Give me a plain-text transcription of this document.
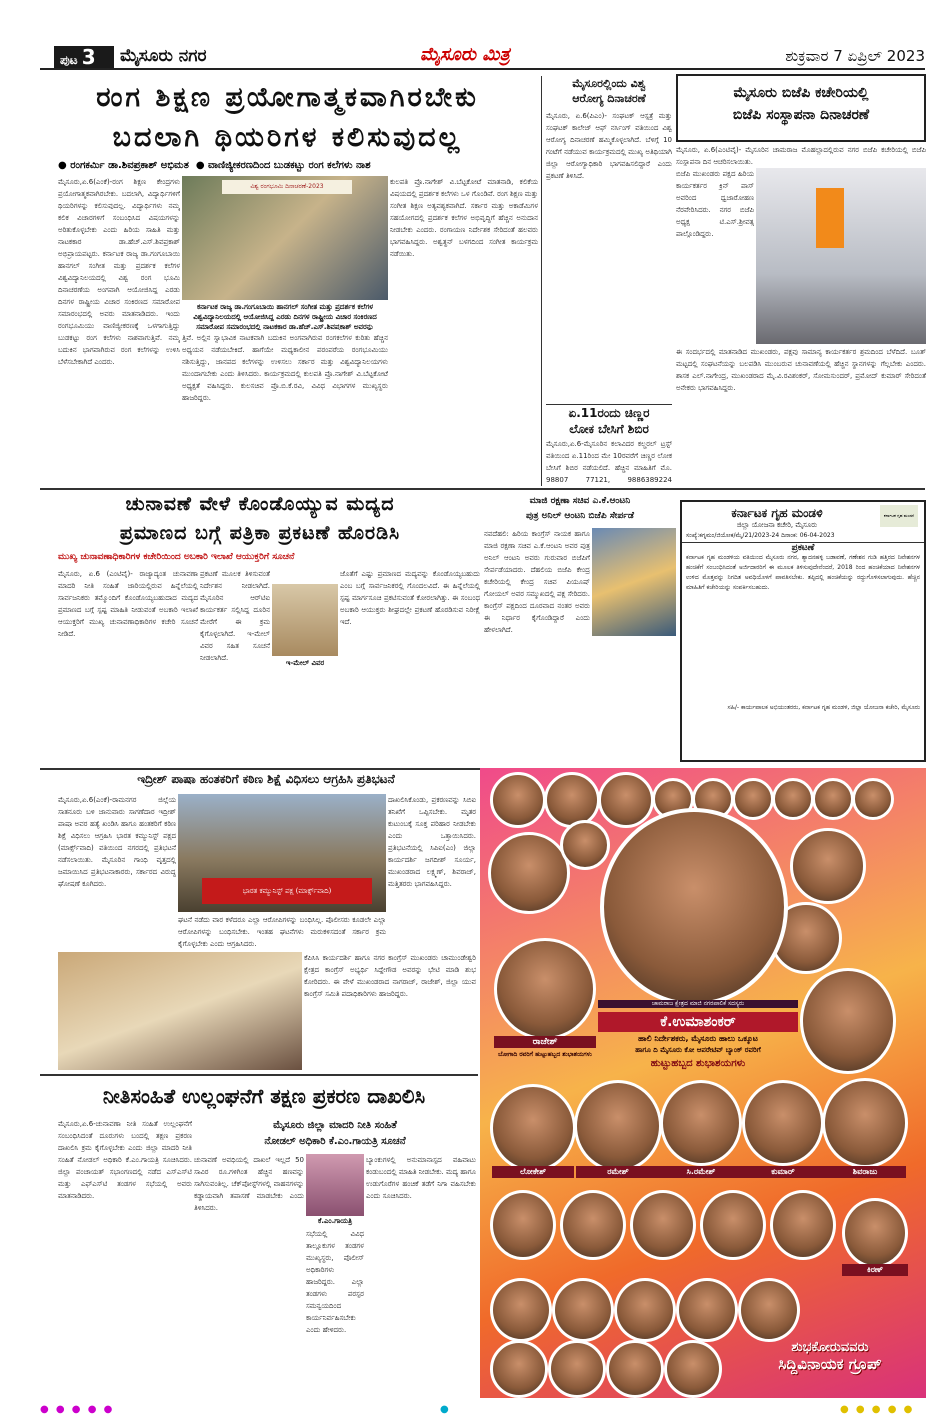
ಪುಟ 3	ಮೈಸೂರು ನಗರ	ಮೈಸೂರು ಮಿತ್ರ	ಶುಕ್ರವಾರ 7 ಏಪ್ರಿಲ್ 2023
ರಂಗ ಶಿಕ್ಷಣ ಪ್ರಯೋಗಾತ್ಮಕವಾಗಿರಬೇಕು
ಬದಲಾಗಿ ಥಿಯರಿಗಳ ಕಲಿಸುವುದಲ್ಲ
● ರಂಗಕರ್ಮಿ ಡಾ.ಶಿವಪ್ರಕಾಶ್ ಅಭಿಮತ  ● ವಾಣಿಜ್ಯೀಕರಣದಿಂದ ಬುಡಕಟ್ಟು ರಂಗ ಕಲೆಗಳು ನಾಶ
ಮೈಸೂರು,ಏ.6(ಎಂಕೆ)-ರಂಗ ಶಿಕ್ಷಣ ಕೇಂದ್ರಗಳು ಪ್ರಯೋಗಾತ್ಮಕವಾಗಿರಬೇಕು. ಬದಲಾಗಿ, ವಿದ್ಯಾರ್ಥಿಗಳಿಗೆ ಥಿಯರಿಗಳನ್ನು ಕಲಿಸುವುದಲ್ಲ. ವಿದ್ಯಾರ್ಥಿಗಳು ನಮ್ಮ ಕಲಿಕ ವಿಚಾರಗಳಿಗೆ ಸಂಬಂಧಿಸಿದ ವಿಷಯಗಳನ್ನು ಅರಿತುಕೊಳ್ಳಬೇಕು ಎಂದು ಹಿರಿಯ ಸಾಹಿತಿ ಮತ್ತು ನಾಟಕಕಾರ ಡಾ.ಹೆಚ್.ಎಸ್.ಶಿವಪ್ರಕಾಶ್ ಅಭಿಪ್ರಾಯಪಟ್ಟರು. ಕರ್ನಾಟಕ ರಾಜ್ಯ ಡಾ.ಗಂಗೂಬಾಯಿ ಹಾನಗಲ್ ಸಂಗೀತ ಮತ್ತು ಪ್ರದರ್ಶಕ ಕಲೆಗಳ ವಿಶ್ವವಿದ್ಯಾನಿಲಯದಲ್ಲಿ ವಿಶ್ವ ರಂಗ ಭೂಮಿ ದಿನಾಚರಣೆಯ ಅಂಗವಾಗಿ ಆಯೋಜಿಸಿದ್ದ ಎರಡು ದಿನಗಳ ರಾಷ್ಟ್ರೀಯ ವಿಚಾರ ಸಂಕಿರಣದ ಸಮಾರೋಪ ಸಮಾರಂಭದಲ್ಲಿ ಅವರು ಮಾತನಾಡಿದರು. ಇಂದು ರಂಗಭೂಮಿಯು ವಾಣಿಜ್ಯೀಕರಣಕ್ಕೆ ಒಳಗಾಗುತ್ತಿದ್ದು ಬುಡಕಟ್ಟು ರಂಗ ಕಲೆಗಳು ನಾಶವಾಗುತ್ತಿವೆ. ನಮ್ಮ ಬದುಕಿನ ಭಾಗವಾಗಿರುವ ರಂಗ ಕಲೆಗಳನ್ನು ಉಳಿಸಿ ಬೆಳೆಸಬೇಕಾಗಿದೆ ಎಂದರು.
ವಿಶ್ವ ರಂಗಭೂಮಿ ದಿನಾಚರಣೆ-2023
ಕರ್ನಾಟಕ ರಾಜ್ಯ ಡಾ.ಗಂಗೂಬಾಯಿ ಹಾನಗಲ್ ಸಂಗೀತ ಮತ್ತು ಪ್ರದರ್ಶಕ ಕಲೆಗಳ ವಿಶ್ವವಿದ್ಯಾನಿಲಯದಲ್ಲಿ ಆಯೋಜಿಸಿದ್ದ ಎರಡು ದಿನಗಳ ರಾಷ್ಟ್ರೀಯ ವಿಚಾರ ಸಂಕಿರಣದ ಸಮಾರೋಪ ಸಮಾರಂಭದಲ್ಲಿ ನಾಟಕಕಾರ ಡಾ.ಹೆಚ್.ಎಸ್.ಶಿವಪ್ರಕಾಶ್ ಅವರನ್ನು
ಕುಲಪತಿ ಪ್ರೊ.ನಾಗೇಶ್ ವಿ.ಬೆಟ್ಟಕೋಟೆ ಮಾತನಾಡಿ, ಕಲಿಕೆಯ ವಿಷಯದಲ್ಲಿ ಪ್ರದರ್ಶಕ ಕಲೆಗಳು ಒಳ ಗೊಂಡಿವೆ. ರಂಗ ಶಿಕ್ಷಣ ಮತ್ತು ಸಂಗೀತ ಶಿಕ್ಷಣ ಅತ್ಯವಶ್ಯಕವಾಗಿದೆ. ಸರ್ಕಾರ ಮತ್ತು ಅಕಾಡೆಮಿಗಳ ಸಹಯೋಗದಲ್ಲಿ ಪ್ರದರ್ಶಕ ಕಲೆಗಳ ಅಭಿವೃದ್ಧಿಗೆ ಹೆಚ್ಚಿನ ಅನುದಾನ ನೀಡಬೇಕು ಎಂದರು. ರಂಗಾಯಣ ನಿರ್ದೇಶಕ ಸೇರಿದಂತೆ ಹಲವರು ಭಾಗವಹಿಸಿದ್ದರು. ಅಶ್ವತ್ಥನ್ ಬಳಗದಿಂದ ಸಂಗೀತ ಕಾರ್ಯಕ್ರಮ ನಡೆಯಿತು.
ತ್ತಿವೆ. ಅಲ್ಲಿನ ಸ್ವಾಭಾವಿಕ ನಾಟಕವಾಗಿ ಬದುಕಿನ ಅಂಗವಾಗಿರುವ ರಂಗಕಲೆಗಳ ಕುರಿತು ಹೆಚ್ಚಿನ ಅಧ್ಯಯನ ನಡೆಯಬೇಕಿದೆ. ಹಾಗೆಯೇ ಮಧ್ಯಕಾಲೀನ ಪರಂಪರೆಯ ರಂಗಭೂಮಿಯು ನಶಿಸುತ್ತಿದ್ದು, ಜಾನಪದ ಕಲೆಗಳನ್ನು ಉಳಿಸಲು ಸರ್ಕಾರ ಮತ್ತು ವಿಶ್ವವಿದ್ಯಾನಿಲಯಗಳು ಮುಂದಾಗಬೇಕು ಎಂದು ತಿಳಿಸಿದರು. ಕಾರ್ಯಕ್ರಮದಲ್ಲಿ ಕುಲಪತಿ ಪ್ರೊ.ನಾಗೇಶ್ ವಿ.ಬೆಟ್ಟಕೋಟೆ ಅಧ್ಯಕ್ಷತೆ ವಹಿಸಿದ್ದರು. ಕುಲಸಚಿವ ಪ್ರೊ.ಬಿ.ಕೆ.ರವಿ, ವಿವಿಧ ವಿಭಾಗಗಳ ಮುಖ್ಯಸ್ಥರು ಹಾಜರಿದ್ದರು.
ಮೈಸೂರಲ್ಲಿಂದು ವಿಶ್ವ
ಆರೋಗ್ಯ ದಿನಾಚರಣೆ
ಮೈಸೂರು, ಏ.6(ಪಿಎಂ)- ಸಂಘಟಕ್ ಆಸ್ಪತ್ರೆ ಮತ್ತು ಸಂಘಟಕ್ ಕಾಲೇಜ್ ಆಫ್ ನರ್ಸಿಂಗ್ ವತಿಯಿಂದ ವಿಶ್ವ ಆರೋಗ್ಯ ದಿನಾಚರಣೆ ಹಮ್ಮಿಕೊಳ್ಳಲಾಗಿದೆ. ಬೆಳಿಗ್ಗೆ 10 ಗಂಟೆಗೆ ನಡೆಯುವ ಕಾರ್ಯಕ್ರಮದಲ್ಲಿ ಮುಖ್ಯ ಅತಿಥಿಯಾಗಿ ಜಿಲ್ಲಾ ಆರೋಗ್ಯಾಧಿಕಾರಿ ಭಾಗವಹಿಸಲಿದ್ದಾರೆ ಎಂದು ಪ್ರಕಟಣೆ ತಿಳಿಸಿದೆ.
ಏ.11ರಂದು ಚಿಣ್ಣರ
ಲೋಕ ಬೇಸಿಗೆ ಶಿಬಿರ
ಮೈಸೂರು,ಏ.6-ಮೈಸೂರಿನ ಕಲಾವಿದರ ಕಲ್ಚರಲ್ ಟ್ರಸ್ಟ್ ವತಿಯಿಂದ ಏ.11ರಿಂದ ಮೇ 10ರವರೆಗೆ ಚಿಣ್ಣರ ಲೋಕ ಬೇಸಿಗೆ ಶಿಬಿರ ನಡೆಯಲಿದೆ. ಹೆಚ್ಚಿನ ಮಾಹಿತಿಗೆ ಮೊ. 98807 77121, 9886389224
ಮೈಸೂರು ಬಿಜೆಪಿ ಕಚೇರಿಯಲ್ಲಿ
ಬಿಜೆಪಿ ಸಂಸ್ಥಾಪನಾ ದಿನಾಚರಣೆ
ಮೈಸೂರು, ಏ.6(ಎಂಟಿವೈ)- ಮೈಸೂರಿನ ಚಾಮರಾಜ ಮೊಹಲ್ಲಾದಲ್ಲಿರುವ ನಗರ ಬಿಜೆಪಿ ಕಚೇರಿಯಲ್ಲಿ ಬಿಜೆಪಿ ಸಂಸ್ಥಾಪನಾ ದಿನ ಆಚರಿಸಲಾಯಿತು.
ಬಿಜೆಪಿ ಮುಖಂಡರು ಪಕ್ಷದ ಹಿರಿಯ ಕಾರ್ಯಕರ್ತರ ಕ್ರಿನ್ ಪಾಸ್ ಅವರಿಂದ ಧ್ವಜಾರೋಹಣ ನೆರವೇರಿಸಿದರು. ನಗರ ಬಿಜೆಪಿ ಅಧ್ಯಕ್ಷ ಟಿ.ಎಸ್.ಶ್ರೀವತ್ಸ ಪಾಲ್ಗೊಂಡಿದ್ದರು.
ಈ ಸಂದರ್ಭದಲ್ಲಿ ಮಾತನಾಡಿದ ಮುಖಂಡರು, ಪಕ್ಷವು ಸಾಮಾನ್ಯ ಕಾರ್ಯಕರ್ತರ ಶ್ರಮದಿಂದ ಬೆಳೆದಿದೆ. ಬೂತ್ ಮಟ್ಟದಲ್ಲಿ ಸಂಘಟನೆಯನ್ನು ಬಲಪಡಿಸಿ ಮುಂಬರುವ ಚುನಾವಣೆಯಲ್ಲಿ ಹೆಚ್ಚಿನ ಸ್ಥಾನಗಳನ್ನು ಗೆಲ್ಲಬೇಕು ಎಂದರು. ಶಾಸಕ ಎಲ್.ನಾಗೇಂದ್ರ, ಮುಖಂಡರಾದ ಮೈ.ವಿ.ರವಿಶಂಕರ್, ಸೋಮಸುಂದರ್, ಪ್ರಮೋದ್ ಕುಮಾರ್ ಸೇರಿದಂತೆ ಅನೇಕರು ಭಾಗವಹಿಸಿದ್ದರು.
ಚುನಾವಣೆ ವೇಳೆ ಕೊಂಡೊಯ್ಯುವ ಮದ್ಯದ
ಪ್ರಮಾಣದ ಬಗ್ಗೆ ಪತ್ರಿಕಾ ಪ್ರಕಟಣೆ ಹೊರಡಿಸಿ
ಮುಖ್ಯ ಚುನಾವಣಾಧಿಕಾರಿಗಳ ಕಚೇರಿಯಿಂದ ಅಬಕಾರಿ ಇಲಾಖೆ ಆಯುಕ್ತರಿಗೆ ಸೂಚನೆ
ಮೈಸೂರು, ಏ.6 (ಎಂಟಿವೈ)- ರಾಜ್ಯಾದ್ಯಂತ ಚುನಾವಣಾ ಮಾದರಿ ನೀತಿ ಸಂಹಿತೆ ಜಾರಿಯಲ್ಲಿರುವ ಹಿನ್ನೆಲೆಯಲ್ಲಿ ಸಾರ್ವಜನಿಕರು ತಮ್ಮೊಂದಿಗೆ ಕೊಂಡೊಯ್ಯಬಹುದಾದ ಮದ್ಯದ ಪ್ರಮಾಣದ ಬಗ್ಗೆ ಸ್ಪಷ್ಟ ಮಾಹಿತಿ ನೀಡುವಂತೆ ಅಬಕಾರಿ ಇಲಾಖೆ ಆಯುಕ್ತರಿಗೆ ಮುಖ್ಯ ಚುನಾವಣಾಧಿಕಾರಿಗಳ ಕಚೇರಿ ಸೂಚನೆ ನೀಡಿದೆ.
ಪ್ರಕಟಣೆ ಮೂಲಕ ತಿಳಿಸುವಂತೆ ನಿರ್ದೇಶನ ನೀಡಲಾಗಿದೆ. ಮೈಸೂರಿನ ಆರ್‌ಟಿಐ ಕಾರ್ಯಕರ್ತ ಸಲ್ಲಿಸಿದ್ದ ದೂರಿನ ಮೇರೆಗೆ ಈ ಕ್ರಮ ಕೈಗೊಳ್ಳಲಾಗಿದೆ. ಇ-ಮೇಲ್ ವಿವರ ಸಹಿತ ಸೂಚನೆ ನೀಡಲಾಗಿದೆ.
ಇ-ಮೇಲ್ ವಿವರ
ಜೊತೆಗೆ ಎಷ್ಟು ಪ್ರಮಾಣದ ಮದ್ಯವನ್ನು ಕೊಂಡೊಯ್ಯಬಹುದು ಎಂಬ ಬಗ್ಗೆ ಸಾರ್ವಜನಿಕರಲ್ಲಿ ಗೊಂದಲವಿದೆ. ಈ ಹಿನ್ನೆಲೆಯಲ್ಲಿ ಸ್ಪಷ್ಟ ಮಾರ್ಗಸೂಚಿ ಪ್ರಕಟಿಸುವಂತೆ ಕೋರಲಾಗಿತ್ತು. ಈ ಸಂಬಂಧ ಅಬಕಾರಿ ಆಯುಕ್ತರು ಶೀಘ್ರದಲ್ಲೇ ಪ್ರಕಟಣೆ ಹೊರಡಿಸುವ ನಿರೀಕ್ಷೆ ಇದೆ.
ಮಾಜಿ ರಕ್ಷಣಾ ಸಚಿವ ಎ.ಕೆ.ಆಂಟನಿ
ಪುತ್ರ ಅನಿಲ್ ಆಂಟನಿ ಬಿಜೆಪಿ ಸೇರ್ಪಡೆ
ನವದೆಹಲಿ: ಹಿರಿಯ ಕಾಂಗ್ರೆಸ್ ನಾಯಕ ಹಾಗೂ ಮಾಜಿ ರಕ್ಷಣಾ ಸಚಿವ ಎ.ಕೆ.ಆಂಟನಿ ಅವರ ಪುತ್ರ ಅನಿಲ್ ಆಂಟನಿ ಅವರು ಗುರುವಾರ ಬಿಜೆಪಿಗೆ ಸೇರ್ಪಡೆಯಾದರು. ದೆಹಲಿಯ ಬಿಜೆಪಿ ಕೇಂದ್ರ ಕಚೇರಿಯಲ್ಲಿ ಕೇಂದ್ರ ಸಚಿವ ಪಿಯೂಷ್ ಗೋಯಲ್ ಅವರ ಸಮ್ಮುಖದಲ್ಲಿ ಪಕ್ಷ ಸೇರಿದರು. ಕಾಂಗ್ರೆಸ್ ಪಕ್ಷದಿಂದ ದೂರವಾದ ನಂತರ ಅವರು ಈ ನಿರ್ಧಾರ ಕೈಗೊಂಡಿದ್ದಾರೆ ಎಂದು ಹೇಳಲಾಗಿದೆ.
ಕರ್ನಾಟಕ ಗೃಹ ಮಂಡಳಿ	ಕರ್ನಾಟಕ ಗೃಹ ಮಂಡಳಿ
ಜಿಲ್ಲಾ ಯೋಜನಾ ಕಚೇರಿ, ಮೈಸೂರು
ಸಂಖ್ಯೆ:ಕಗೃಮಂ/ಜಿಯೋಕ/ಮೈ/21/2023-24 ದಿನಾಂಕ: 06-04-2023
ಪ್ರಕಟಣೆ
ಕರ್ನಾಟಕ ಗೃಹ ಮಂಡಳಿಯ ವತಿಯಿಂದ ಮೈಸೂರು ನಗರ, ಶ್ಯಾದನಹಳ್ಳಿ ಬಡಾವಣೆ, ಗಣೇಶನ ಗುಡಿ ಹತ್ತಿರದ ನಿವೇಶನಗಳ ಹಂಚಿಕೆಗೆ ಸಂಬಂಧಿಸಿದಂತೆ ಅರ್ಜಿದಾರರಿಗೆ ಈ ಮೂಲಕ ತಿಳಿಸುವುದೇನೆಂದರೆ, 2018 ರಿಂದ ಹಂಚಿಕೆಯಾದ ನಿವೇಶನಗಳ ಉಳಿದ ಮೊತ್ತವನ್ನು ನಿಗದಿತ ಅವಧಿಯೊಳಗೆ ಪಾವತಿಸಬೇಕು. ತಪ್ಪಿದಲ್ಲಿ ಹಂಚಿಕೆಯನ್ನು ರದ್ದುಗೊಳಿಸಲಾಗುವುದು. ಹೆಚ್ಚಿನ ಮಾಹಿತಿಗೆ ಕಚೇರಿಯನ್ನು ಸಂಪರ್ಕಿಸಬಹುದು.
ಸಹಿ/- ಕಾರ್ಯಪಾಲಕ ಅಭಿಯಂತರರು, ಕರ್ನಾಟಕ ಗೃಹ ಮಂಡಳಿ, ಜಿಲ್ಲಾ ಯೋಜನಾ ಕಚೇರಿ, ಮೈಸೂರು
ಇದ್ರೀಶ್ ಪಾಷಾ ಹಂತಕರಿಗೆ ಕಠಿಣ ಶಿಕ್ಷೆ ವಿಧಿಸಲು ಆಗ್ರಹಿಸಿ ಪ್ರತಿಭಟನೆ
ಮೈಸೂರು,ಏ.6(ಎಂಕೆ)-ರಾಮನಗರ ಜಿಲ್ಲೆಯ ಸಾತನೂರು ಬಳಿ ಜಾನುವಾರು ಸಾಗಣೆದಾರ ಇದ್ರೀಶ್ ಪಾಷಾ ಅವರ ಹತ್ಯೆ ಖಂಡಿಸಿ ಹಾಗೂ ಹಂತಕರಿಗೆ ಕಠಿಣ ಶಿಕ್ಷೆ ವಿಧಿಸಲು ಆಗ್ರಹಿಸಿ ಭಾರತ ಕಮ್ಯುನಿಸ್ಟ್ ಪಕ್ಷದ (ಮಾರ್ಕ್ಸ್‌ವಾದಿ) ವತಿಯಿಂದ ನಗರದಲ್ಲಿ ಪ್ರತಿಭಟನೆ ನಡೆಸಲಾಯಿತು. ಮೈಸೂರಿನ ಗಾಂಧಿ ವೃತ್ತದಲ್ಲಿ ಜಮಾಯಿಸಿದ ಪ್ರತಿಭಟನಾಕಾರರು, ಸರ್ಕಾರದ ವಿರುದ್ಧ ಘೋಷಣೆ ಕೂಗಿದರು.
ಭಾರತ ಕಮ್ಯುನಿಸ್ಟ್ ಪಕ್ಷ (ಮಾರ್ಕ್ಸ್‌ವಾದಿ)
ದಾಖಲಿಸಿಕೊಂಡು, ಪ್ರಕರಣವನ್ನು ಸಿಬಿಐ ತನಿಖೆಗೆ ಒಪ್ಪಿಸಬೇಕು. ಮೃತರ ಕುಟುಂಬಕ್ಕೆ ಸೂಕ್ತ ಪರಿಹಾರ ನೀಡಬೇಕು ಎಂದು ಒತ್ತಾಯಿಸಿದರು. ಪ್ರತಿಭಟನೆಯಲ್ಲಿ ಸಿಪಿಐ(ಎಂ) ಜಿಲ್ಲಾ ಕಾರ್ಯದರ್ಶಿ ಜಗದೀಶ್ ಸೂರ್ಯ, ಮುಖಂಡರಾದ ಲಕ್ಷ್ಮಣ್, ಶಿವರಾಜ್, ಮತ್ತಿತರರು ಭಾಗವಹಿಸಿದ್ದರು.
ಘಟನೆ ನಡೆದು ವಾರ ಕಳೆದರೂ ಎಲ್ಲಾ ಆರೋಪಿಗಳನ್ನು ಬಂಧಿಸಿಲ್ಲ. ಪೊಲೀಸರು ಕೂಡಲೇ ಎಲ್ಲಾ ಆರೋಪಿಗಳನ್ನು ಬಂಧಿಸಬೇಕು. ಇಂತಹ ಘಟನೆಗಳು ಮರುಕಳಿಸದಂತೆ ಸರ್ಕಾರ ಕ್ರಮ ಕೈಗೊಳ್ಳಬೇಕು ಎಂದು ಆಗ್ರಹಿಸಿದರು.
ಕೆಪಿಸಿಸಿ ಕಾರ್ಯದರ್ಶಿ ಹಾಗೂ ನಗರ ಕಾಂಗ್ರೆಸ್ ಮುಖಂಡರು ಚಾಮುಂಡೇಶ್ವರಿ ಕ್ಷೇತ್ರದ ಕಾಂಗ್ರೆಸ್ ಅಭ್ಯರ್ಥಿ ಸಿದ್ದೇಗೌಡ ಅವರನ್ನು ಭೇಟಿ ಮಾಡಿ ಶುಭ ಕೋರಿದರು. ಈ ವೇಳೆ ಮುಖಂಡರಾದ ನಾಗರಾಜ್, ರಾಜೇಶ್, ಜಿಲ್ಲಾ ಯುವ ಕಾಂಗ್ರೆಸ್ ಸಮಿತಿ ಪದಾಧಿಕಾರಿಗಳು ಹಾಜರಿದ್ದರು.
ನೀತಿಸಂಹಿತೆ ಉಲ್ಲಂಘನೆಗೆ ತಕ್ಷಣ ಪ್ರಕರಣ ದಾಖಲಿಸಿ
ಮೈಸೂರು,ಏ.6-ಚುನಾವಣಾ ನೀತಿ ಸಂಹಿತೆ ಉಲ್ಲಂಘನೆಗೆ ಸಂಬಂಧಿಸಿದಂತೆ ದೂರುಗಳು ಬಂದಲ್ಲಿ ತಕ್ಷಣ ಪ್ರಕರಣ ದಾಖಲಿಸಿ ಕ್ರಮ ಕೈಗೊಳ್ಳಬೇಕು ಎಂದು ಜಿಲ್ಲಾ ಮಾದರಿ ನೀತಿ ಸಂಹಿತೆ ನೋಡಲ್ ಅಧಿಕಾರಿ ಕೆ.ಎಂ.ಗಾಯತ್ರಿ ಸೂಚಿಸಿದರು. ಜಿಲ್ಲಾ ಪಂಚಾಯತ್ ಸಭಾಂಗಣದಲ್ಲಿ ನಡೆದ ಎಸ್‌ಎಸ್‌ಟಿ ಮತ್ತು ಎಫ್‌ಎಸ್‌ಟಿ ತಂಡಗಳ ಸಭೆಯಲ್ಲಿ ಅವರು ಮಾತನಾಡಿದರು.
ಮೈಸೂರು ಜಿಲ್ಲಾ ಮಾದರಿ ನೀತಿ ಸಂಹಿತೆ
ನೋಡಲ್ ಅಧಿಕಾರಿ ಕೆ.ಎಂ.ಗಾಯತ್ರಿ ಸೂಚನೆ
ಚುನಾವಣೆ ಅವಧಿಯಲ್ಲಿ ದಾಖಲೆ ಇಲ್ಲದೆ 50 ಸಾವಿರ ರೂ.ಗಳಿಗಿಂತ ಹೆಚ್ಚಿನ ಹಣವನ್ನು ಸಾಗಿಸುವಂತಿಲ್ಲ. ಚೆಕ್‌ಪೋಸ್ಟ್‌ಗಳಲ್ಲಿ ವಾಹನಗಳನ್ನು ಕಡ್ಡಾಯವಾಗಿ ತಪಾಸಣೆ ಮಾಡಬೇಕು ಎಂದು ತಿಳಿಸಿದರು.
ಕೆ.ಎಂ.ಗಾಯತ್ರಿ
ಸಭೆಯಲ್ಲಿ ವಿವಿಧ ತಾಲ್ಲೂಕುಗಳ ತಂಡಗಳ ಮುಖ್ಯಸ್ಥರು, ಪೊಲೀಸ್ ಅಧಿಕಾರಿಗಳು ಹಾಜರಿದ್ದರು. ಎಲ್ಲಾ ತಂಡಗಳು ಪರಸ್ಪರ ಸಮನ್ವಯದಿಂದ ಕಾರ್ಯನಿರ್ವಹಿಸಬೇಕು ಎಂದು ಹೇಳಿದರು.
ಬ್ಯಾಂಕುಗಳಲ್ಲಿ ಅನುಮಾನಾಸ್ಪದ ವಹಿವಾಟು ಕಂಡುಬಂದಲ್ಲಿ ಮಾಹಿತಿ ನೀಡಬೇಕು. ಮದ್ಯ ಹಾಗೂ ಉಡುಗೊರೆಗಳ ಹಂಚಿಕೆ ತಡೆಗೆ ನಿಗಾ ವಹಿಸಬೇಕು ಎಂದು ಸೂಚಿಸಿದರು.
ಚಾಮರಾಜ ಕ್ಷೇತ್ರದ ಮಾಜಿ ನಗರಪಾಲಿಕೆ ಸದಸ್ಯರು
ಕೆ.ಉಮಾಶಂಕರ್
ಹಾಲಿ ನಿರ್ದೇಶಕರು, ಮೈಸೂರು ಹಾಲು ಒಕ್ಕೂಟ
ಹಾಗೂ ದಿ ಮೈಸೂರು ಕೋ ಆಪರೇಟಿವ್ ಬ್ಯಾಂಕ್ ರವರಿಗೆ
ಹುಟ್ಟುಹಬ್ಬದ ಶುಭಾಶಯಗಳು
ರಾಜೇಶ್
ಬೋಗಾದಿ ರವರಿಗೆ ಹುಟ್ಟುಹಬ್ಬದ ಶುಭಾಶಯಗಳು
ಲೋಕೇಶ್	ರಮೇಶ್	ಸಿ.ರಮೇಶ್	ಕುಮಾರ್	ಶಿವರಾಜು
ಕಿರಣ್
ಶುಭಕೋರುವವರು
ಸಿದ್ದಿವಿನಾಯಕ ಗ್ರೂಪ್
● ● ● ● ●	●	● ● ● ● ●
